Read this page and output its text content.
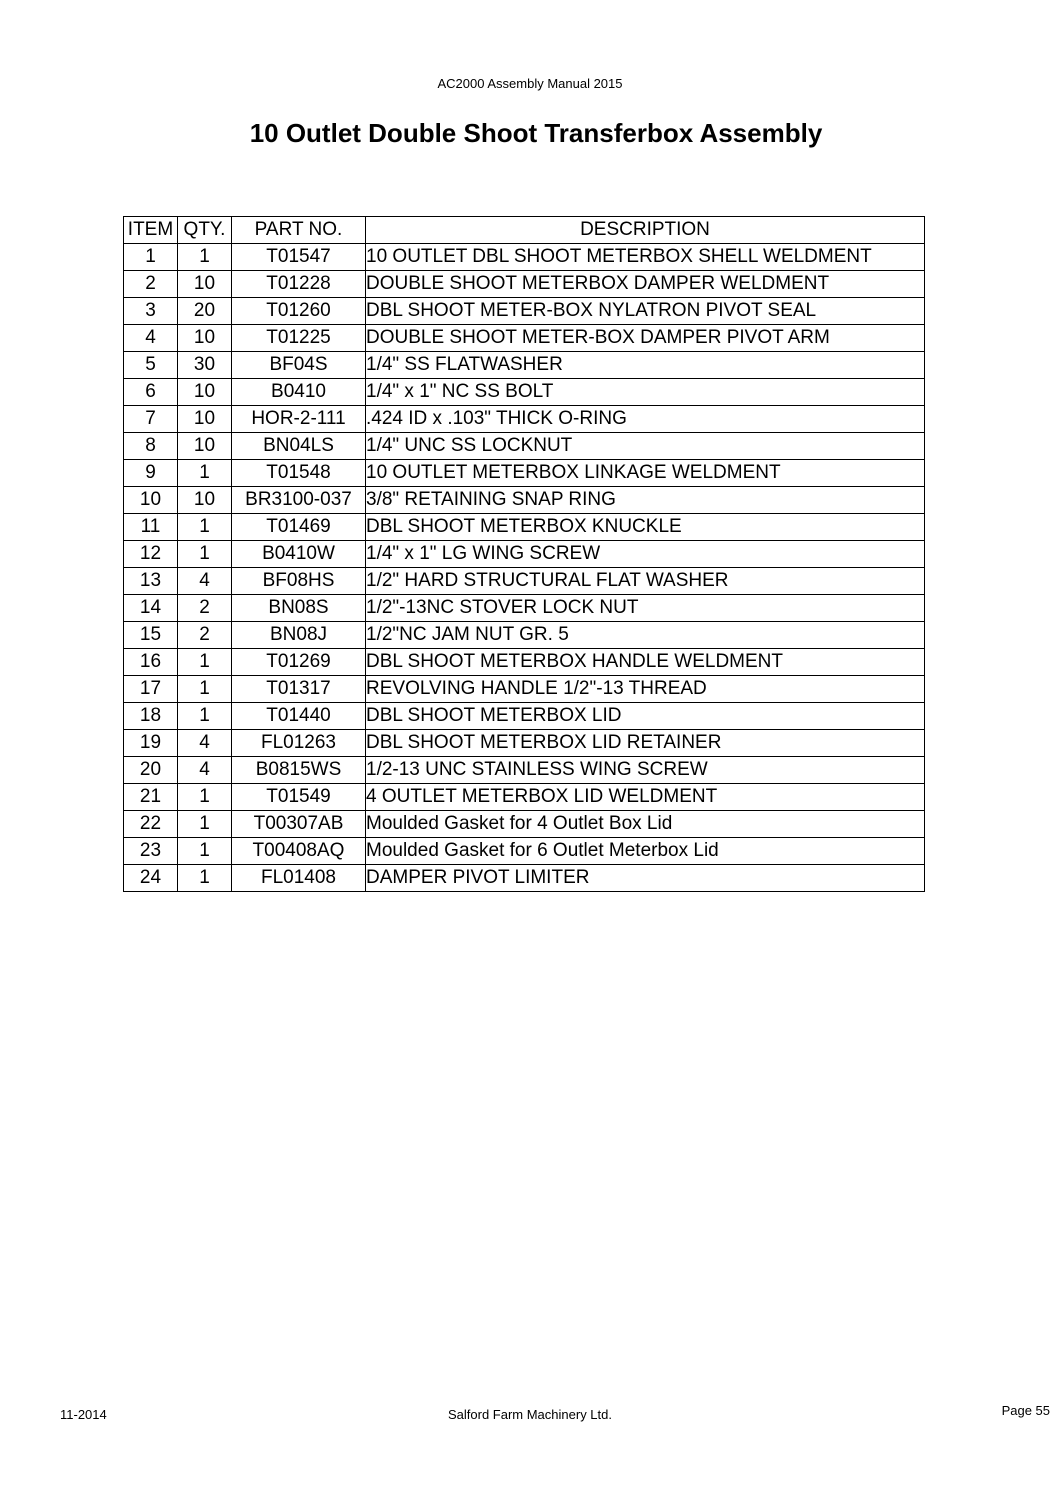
AC2000 Assembly Manual 2015
10 Outlet Double Shoot Transferbox Assembly
ITEM	QTY.	PART NO.	DESCRIPTION
1	1	T01547	10 OUTLET DBL SHOOT METERBOX SHELL WELDMENT
2	10	T01228	DOUBLE SHOOT METERBOX DAMPER WELDMENT
3	20	T01260	DBL SHOOT METER-BOX NYLATRON PIVOT SEAL
4	10	T01225	DOUBLE SHOOT METER-BOX DAMPER PIVOT ARM
5	30	BF04S	1/4" SS FLATWASHER
6	10	B0410	1/4" x 1" NC SS BOLT
7	10	HOR-2-111	.424 ID x .103" THICK O-RING
8	10	BN04LS	1/4" UNC SS LOCKNUT
9	1	T01548	10 OUTLET METERBOX LINKAGE WELDMENT
10	10	BR3100-037	3/8" RETAINING SNAP RING
11	1	T01469	DBL SHOOT METERBOX KNUCKLE
12	1	B0410W	1/4" x 1" LG WING SCREW
13	4	BF08HS	1/2" HARD STRUCTURAL FLAT WASHER
14	2	BN08S	1/2"-13NC STOVER LOCK NUT
15	2	BN08J	1/2"NC JAM NUT GR. 5
16	1	T01269	DBL SHOOT METERBOX HANDLE WELDMENT
17	1	T01317	REVOLVING HANDLE 1/2"-13 THREAD
18	1	T01440	DBL SHOOT METERBOX LID
19	4	FL01263	DBL SHOOT METERBOX LID RETAINER
20	4	B0815WS	1/2-13 UNC STAINLESS WING SCREW
21	1	T01549	4 OUTLET METERBOX LID WELDMENT
22	1	T00307AB	Moulded Gasket for 4 Outlet Box Lid
23	1	T00408AQ	Moulded Gasket for 6 Outlet Meterbox Lid
24	1	FL01408	DAMPER PIVOT LIMITER
11-2014	Salford Farm Machinery Ltd.	Page 55
